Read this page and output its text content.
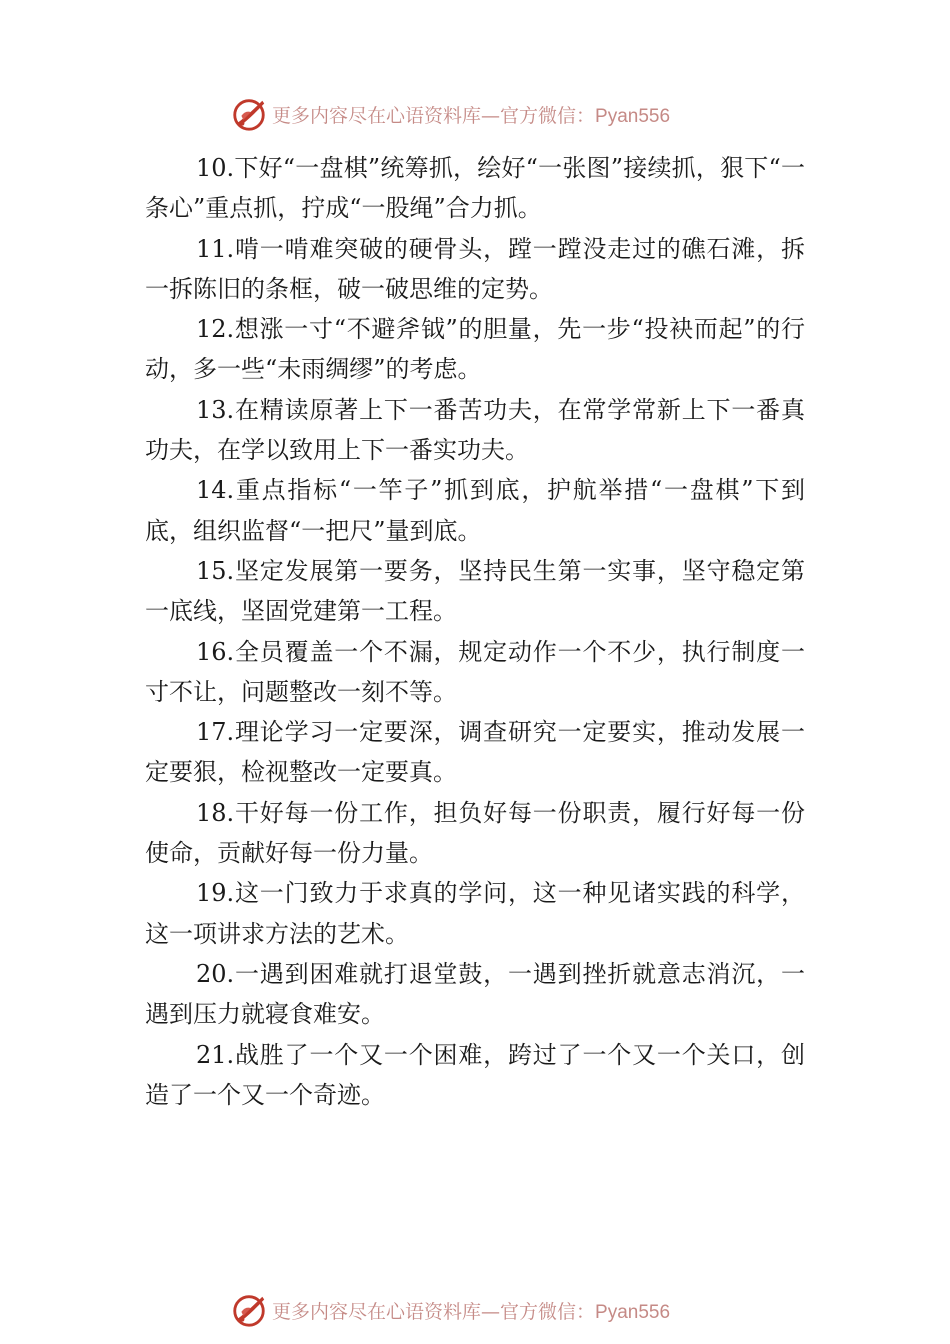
更多内容尽在心语资料库—官方微信：Pyan556

10.下好“一盘棋”统筹抓，绘好“一张图”接续抓，狠下“一条心”重点抓，拧成“一股绳”合力抓。

11.啃一啃难突破的硬骨头，蹚一蹚没走过的礁石滩，拆一拆陈旧的条框，破一破思维的定势。

12.想涨一寸“不避斧钺”的胆量，先一步“投袂而起”的行动，多一些“未雨绸缪”的考虑。

13.在精读原著上下一番苦功夫，在常学常新上下一番真功夫，在学以致用上下一番实功夫。

14.重点指标“一竿子”抓到底，护航举措“一盘棋”下到底，组织监督“一把尺”量到底。

15.坚定发展第一要务，坚持民生第一实事，坚守稳定第一底线，坚固党建第一工程。

16.全员覆盖一个不漏，规定动作一个不少，执行制度一寸不让，问题整改一刻不等。

17.理论学习一定要深，调查研究一定要实，推动发展一定要狠，检视整改一定要真。

18.干好每一份工作，担负好每一份职责，履行好每一份使命，贡献好每一份力量。

19.这一门致力于求真的学问，这一种见诸实践的科学，这一项讲求方法的艺术。

20.一遇到困难就打退堂鼓，一遇到挫折就意志消沉，一遇到压力就寝食难安。

21.战胜了一个又一个困难，跨过了一个又一个关口，创造了一个又一个奇迹。

更多内容尽在心语资料库—官方微信：Pyan556
